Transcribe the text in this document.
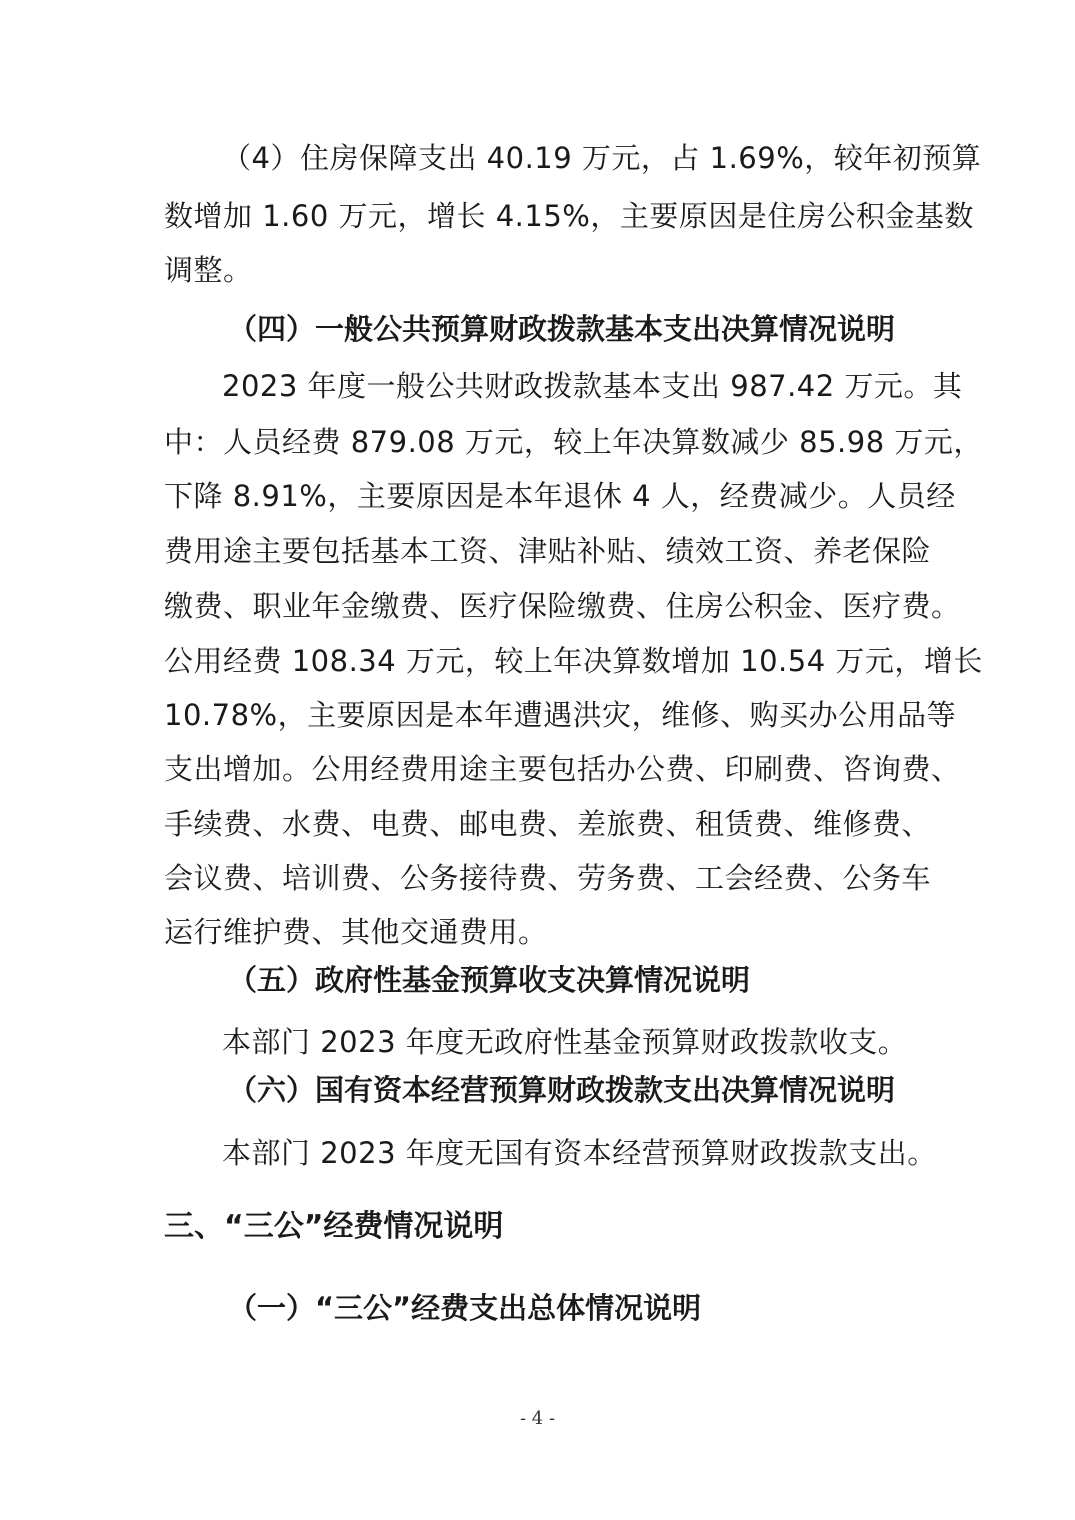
（4）住房保障支出 40.19 万元，占 1.69%，较年初预算
数增加 1.60 万元，增长 4.15%，主要原因是住房公积金基数
调整。
（四）一般公共预算财政拨款基本支出决算情况说明
2023 年度一般公共财政拨款基本支出 987.42 万元。其
中：人员经费 879.08 万元，较上年决算数减少 85.98 万元，
下降 8.91%，主要原因是本年退休 4 人，经费减少。人员经
费用途主要包括基本工资、津贴补贴、绩效工资、养老保险
缴费、职业年金缴费、医疗保险缴费、住房公积金、医疗费。
公用经费 108.34 万元，较上年决算数增加 10.54 万元，增长
10.78%，主要原因是本年遭遇洪灾，维修、购买办公用品等
支出增加。公用经费用途主要包括办公费、印刷费、咨询费、
手续费、水费、电费、邮电费、差旅费、租赁费、维修费、
会议费、培训费、公务接待费、劳务费、工会经费、公务车
运行维护费、其他交通费用。
（五）政府性基金预算收支决算情况说明
本部门 2023 年度无政府性基金预算财政拨款收支。
（六）国有资本经营预算财政拨款支出决算情况说明
本部门 2023 年度无国有资本经营预算财政拨款支出。
三、“三公”经费情况说明
（一）“三公”经费支出总体情况说明
- 4 -
